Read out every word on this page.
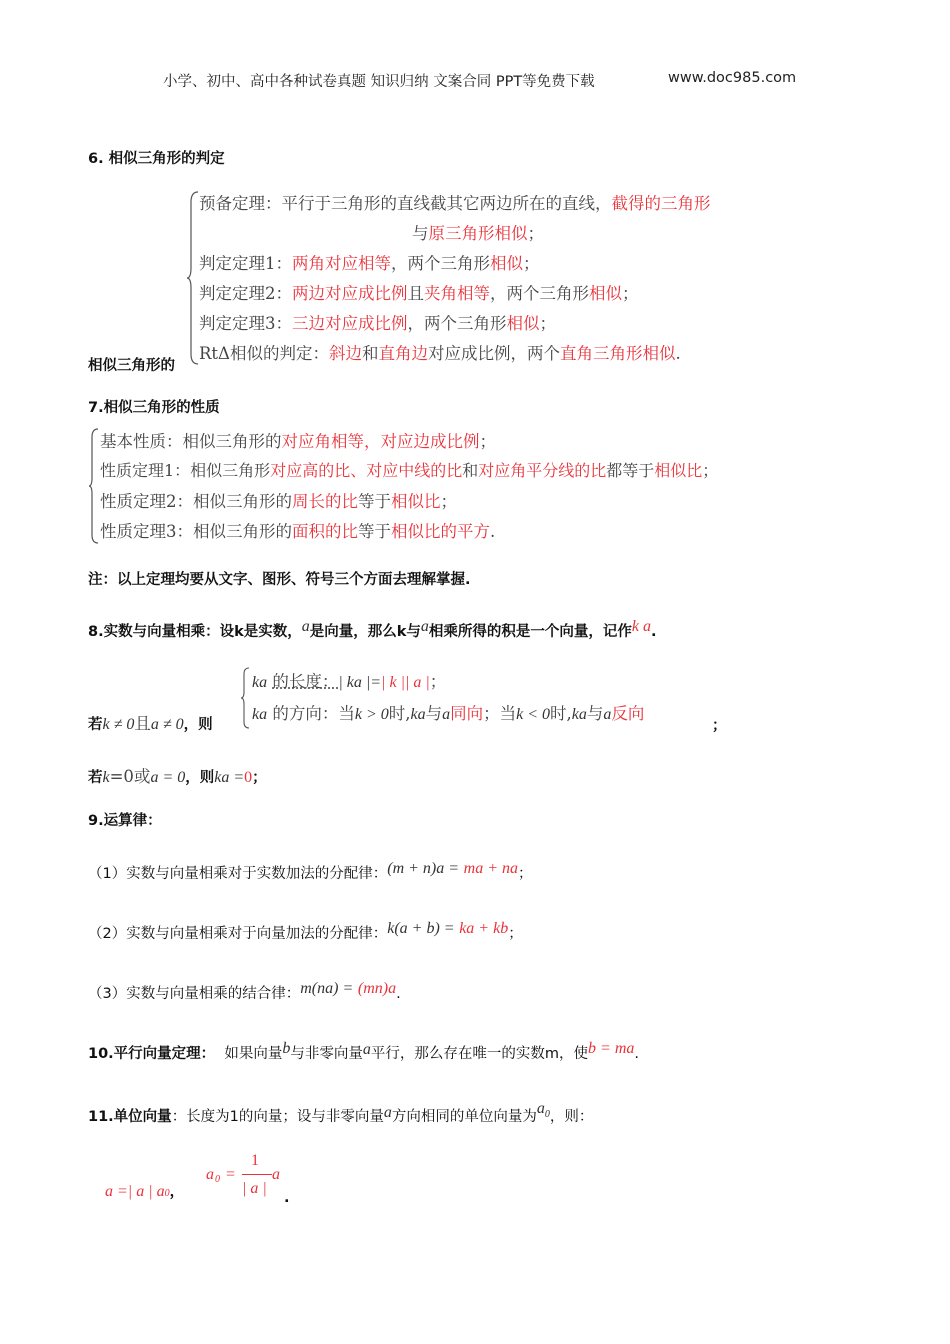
小学、初中、高中各种试卷真题 知识归纳 文案合同 PPT等免费下载	www.doc985.com
6. 相似三角形的判定
预备定理：平行于三角形的直线截其它两边所在的直线，截得的三角形
与原三角形相似；
判定定理1：两角对应相等，两个三角形相似；
判定定理2：两边对应成比例且夹角相等，两个三角形相似；
判定定理3：三边对应成比例，两个三角形相似；
RtΔ相似的判定：斜边和直角边对应成比例，两个直角三角形相似.
相似三角形的
7.相似三角形的性质
基本性质：相似三角形的对应角相等，对应边成比例；
性质定理1：相似三角形对应高的比、对应中线的比和对应角平分线的比都等于相似比；
性质定理2：相似三角形的周长的比等于相似比；
性质定理3：相似三角形的面积的比等于相似比的平方.
注：以上定理均要从文字、图形、符号三个方面去理解掌握.
8.实数与向量相乘：设k是实数，a是向量，那么k与a相乘所得的积是一个向量，记作k a.
ka 的长度：| ka |=| k || a |；
ka 的方向：当k > 0时,ka与a同向；当k < 0时,ka与a反向
若k ≠ 0且a ≠ 0，则	；
若k=0或a = 0，则ka =0；
9.运算律：
（1）实数与向量相乘对于实数加法的分配律：(m + n)a = ma + na；
（2）实数与向量相乘对于向量加法的分配律：k(a + b) = ka + kb；
（3）实数与向量相乘的结合律：m(na) = (mn)a.
10.平行向量定理： 如果向量b与非零向量a平行，那么存在唯一的实数m，使b = ma.
11.单位向量：长度为1的向量；设与非零向量a方向相同的单位向量为$a^0$，则：
a =| a | a0，
a 0 =
1
| a |
a
.
